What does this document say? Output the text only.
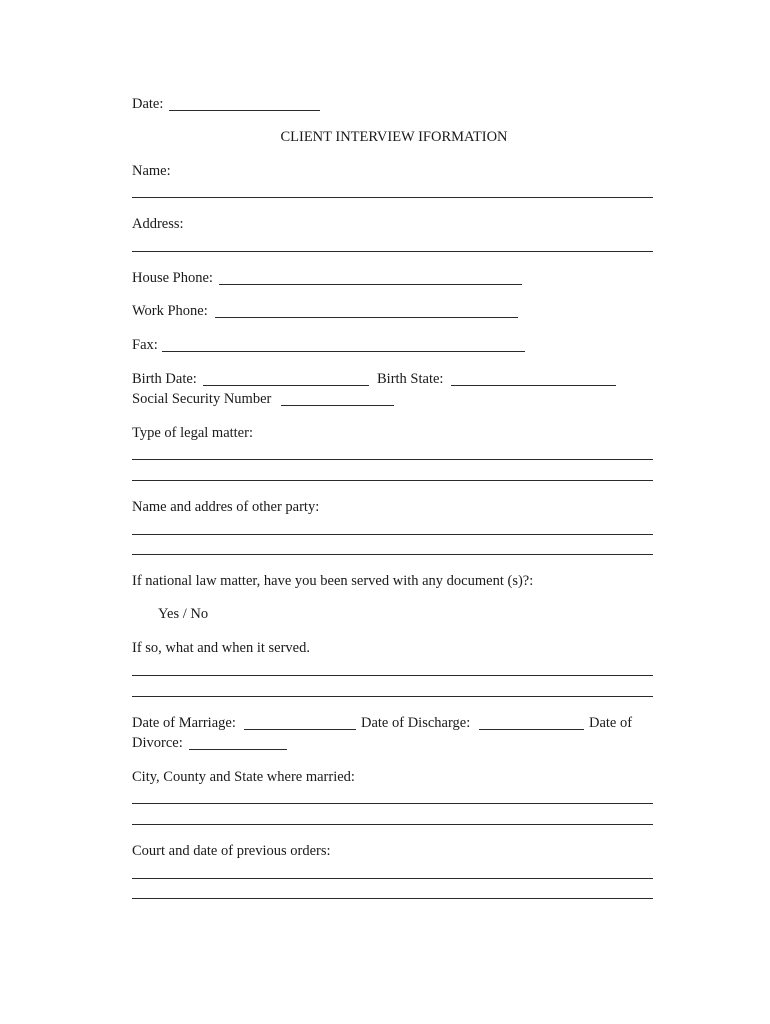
Date:
CLIENT INTERVIEW IFORMATION
Name:
Address:
House Phone:
Work Phone:
Fax:
Birth Date:	Birth State:
Social Security Number
Type of legal matter:
Name and addres of other party:
If national law matter, have you been served with any document (s)?:
Yes / No
If so, what and when it served.
Date of Marriage:	Date of Discharge:	Date of
Divorce:
City, County and State where married:
Court and date of previous orders:
